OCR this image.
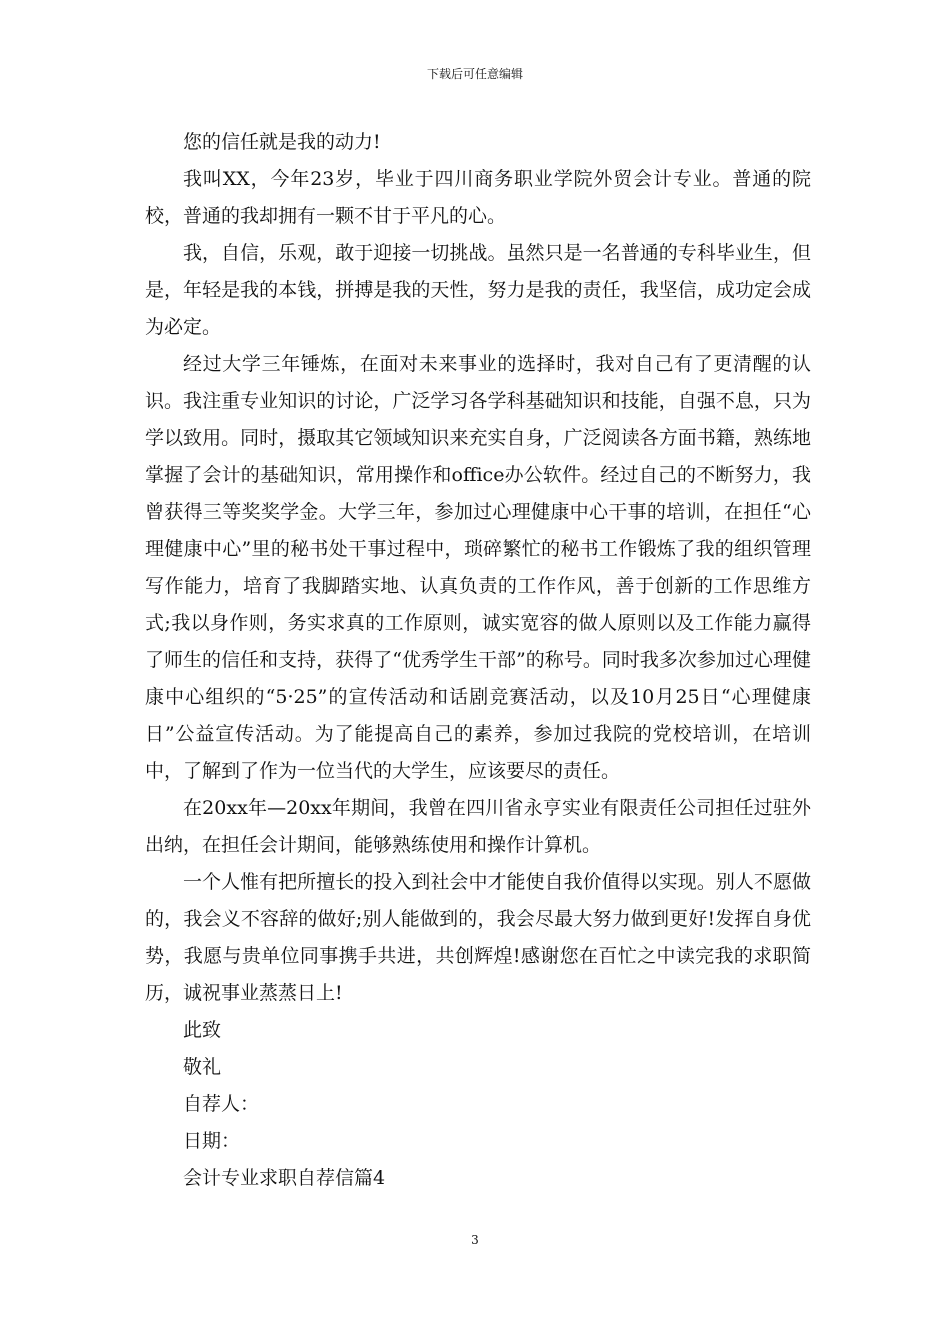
下载后可任意编辑

您的信任就是我的动力!

我叫XX，今年23岁，毕业于四川商务职业学院外贸会计专业。普通的院校，普通的我却拥有一颗不甘于平凡的心。

我，自信，乐观，敢于迎接一切挑战。虽然只是一名普通的专科毕业生，但是，年轻是我的本钱，拼搏是我的天性，努力是我的责任，我坚信，成功定会成为必定。

经过大学三年锤炼，在面对未来事业的选择时，我对自己有了更清醒的认识。我注重专业知识的讨论，广泛学习各学科基础知识和技能，自强不息，只为学以致用。同时，摄取其它领域知识来充实自身，广泛阅读各方面书籍，熟练地掌握了会计的基础知识，常用操作和office办公软件。经过自己的不断努力，我曾获得三等奖奖学金。大学三年，参加过心理健康中心干事的培训，在担任“心理健康中心”里的秘书处干事过程中，琐碎繁忙的秘书工作锻炼了我的组织管理写作能力，培育了我脚踏实地、认真负责的工作作风，善于创新的工作思维方式;我以身作则，务实求真的工作原则，诚实宽容的做人原则以及工作能力赢得了师生的信任和支持，获得了“优秀学生干部”的称号。同时我多次参加过心理健康中心组织的“5·25”的宣传活动和话剧竞赛活动，以及10月25日“心理健康日”公益宣传活动。为了能提高自己的素养，参加过我院的党校培训，在培训中，了解到了作为一位当代的大学生，应该要尽的责任。

在20xx年—20xx年期间，我曾在四川省永亨实业有限责任公司担任过驻外出纳，在担任会计期间，能够熟练使用和操作计算机。

一个人惟有把所擅长的投入到社会中才能使自我价值得以实现。别人不愿做的，我会义不容辞的做好;别人能做到的，我会尽最大努力做到更好!发挥自身优势，我愿与贵单位同事携手共进，共创辉煌!感谢您在百忙之中读完我的求职简历，诚祝事业蒸蒸日上!

此致

敬礼

自荐人：

日期：

会计专业求职自荐信篇4

3
